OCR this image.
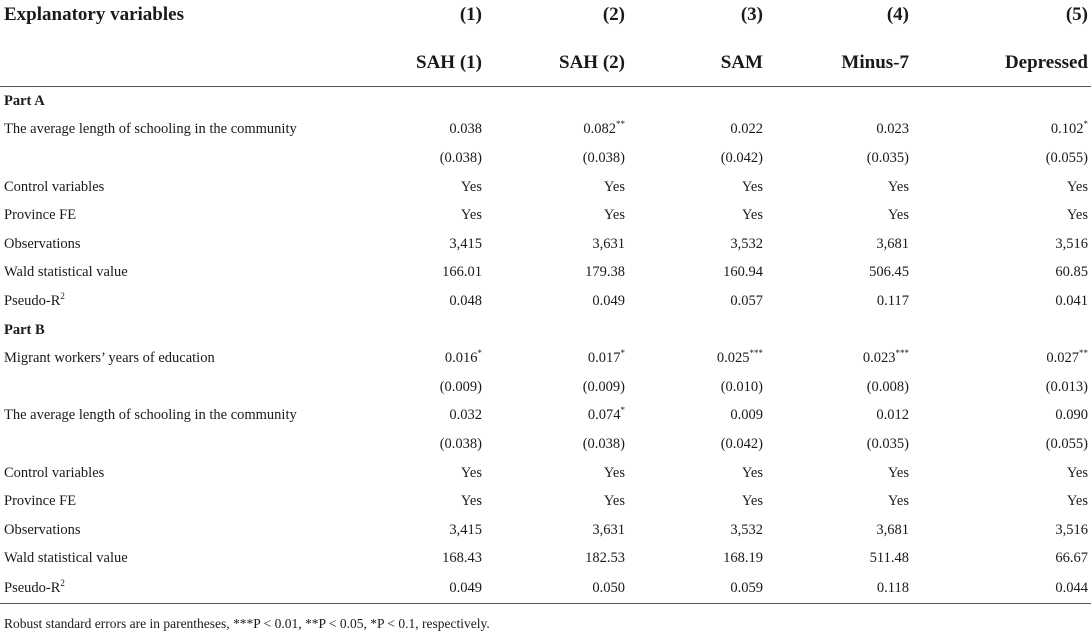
Explanatory variables	(1)	(2)	(3)	(4)	(5)
	SAH (1)	SAH (2)	SAM	Minus-7	Depressed
Part A					
The average length of schooling in the community	0.038	0.082**	0.022	0.023	0.102*
	(0.038)	(0.038)	(0.042)	(0.035)	(0.055)
Control variables	Yes	Yes	Yes	Yes	Yes
Province FE	Yes	Yes	Yes	Yes	Yes
Observations	3,415	3,631	3,532	3,681	3,516
Wald statistical value	166.01	179.38	160.94	506.45	60.85
Pseudo-$R^2$	0.048	0.049	0.057	0.117	0.041
Part B					
Migrant workers’ years of education	0.016*	0.017*	0.025***	0.023***	0.027**
	(0.009)	(0.009)	(0.010)	(0.008)	(0.013)
The average length of schooling in the community	0.032	0.074*	0.009	0.012	0.090
	(0.038)	(0.038)	(0.042)	(0.035)	(0.055)
Control variables	Yes	Yes	Yes	Yes	Yes
Province FE	Yes	Yes	Yes	Yes	Yes
Observations	3,415	3,631	3,532	3,681	3,516
Wald statistical value	168.43	182.53	168.19	511.48	66.67
Pseudo-$R^2$	0.049	0.050	0.059	0.118	0.044
Robust standard errors are in parentheses, ***P < 0.01, **P < 0.05, *P < 0.1, respectively.
